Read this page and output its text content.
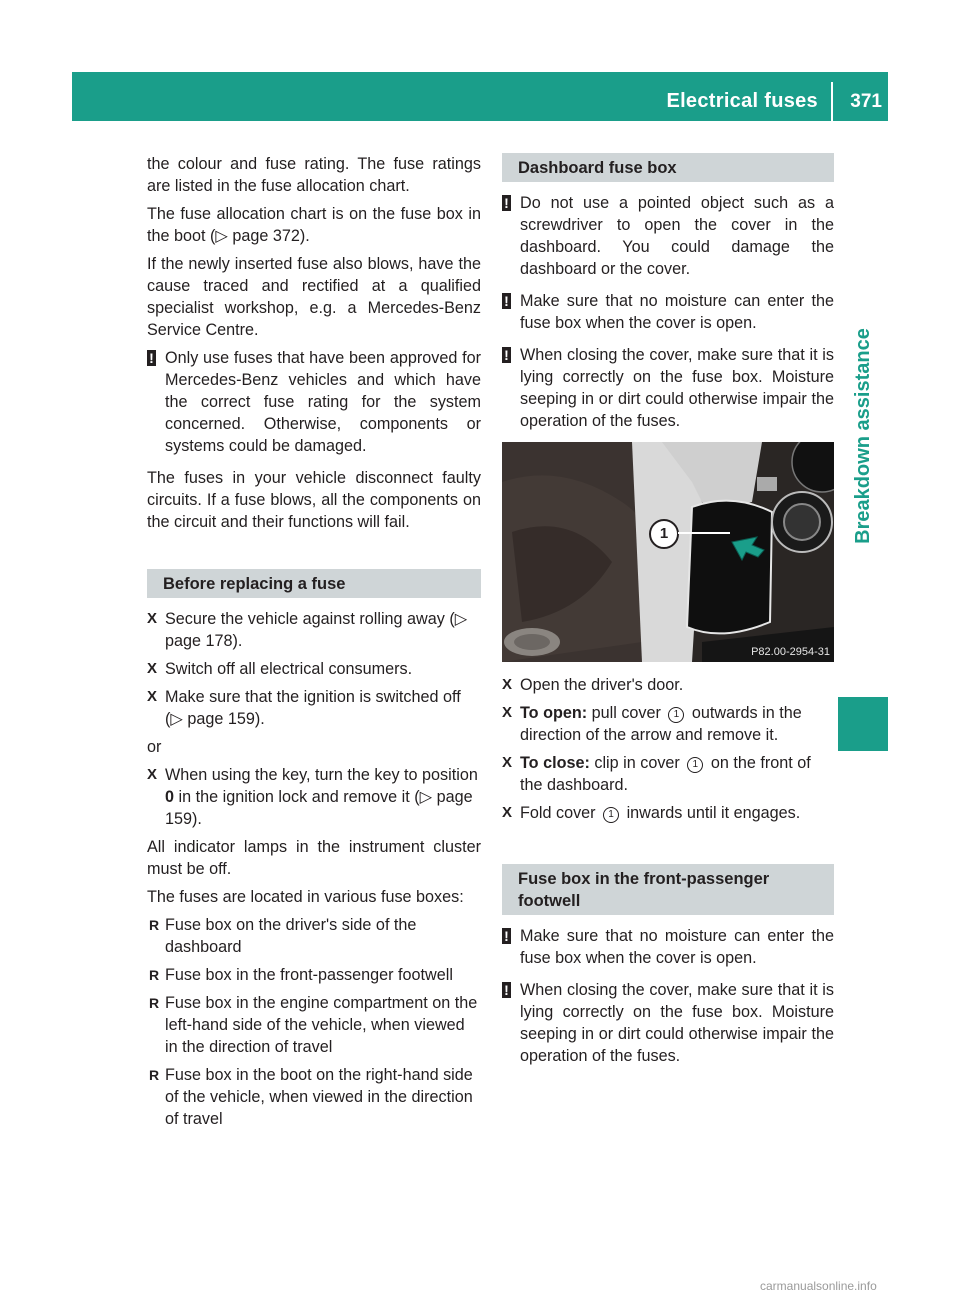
Electrical fuses 371
Breakdown assistance

the colour and fuse rating. The fuse ratings are listed in the fuse allocation chart.

The fuse allocation chart is on the fuse box in the boot (▷ page 372).

If the newly inserted fuse also blows, have the cause traced and rectified at a qualified specialist workshop, e.g. a Mercedes-Benz Service Centre.

! Only use fuses that have been approved for Mercedes-Benz vehicles and which have the correct fuse rating for the system concerned. Otherwise, components or systems could be damaged.

The fuses in your vehicle disconnect faulty circuits. If a fuse blows, all the components on the circuit and their functions will fail.

Before replacing a fuse
X Secure the vehicle against rolling away (▷ page 178).
X Switch off all electrical consumers.
X Make sure that the ignition is switched off (▷ page 159).

or

X When using the key, turn the key to position 0 in the ignition lock and remove it (▷ page 159).

All indicator lamps in the instrument cluster must be off.

The fuses are located in various fuse boxes:

R Fuse box on the driver's side of the dashboard
R Fuse box in the front-passenger footwell
R Fuse box in the engine compartment on the left-hand side of the vehicle, when viewed in the direction of travel
R Fuse box in the boot on the right-hand side of the vehicle, when viewed in the direction of travel
Dashboard fuse box
! Do not use a pointed object such as a screwdriver to open the cover in the dashboard. You could damage the dashboard or the cover.
! Make sure that no moisture can enter the fuse box when the cover is open.
! When closing the cover, make sure that it is lying correctly on the fuse box. Moisture seeping in or dirt could otherwise impair the operation of the fuses.
1
P82.00-2954-31
X Open the driver's door.
X To open: pull cover 1 outwards in the direction of the arrow and remove it.
X To close: clip in cover 1 on the front of the dashboard.
X Fold cover 1 inwards until it engages.
Fuse box in the front-passenger footwell
! Make sure that no moisture can enter the fuse box when the cover is open.
! When closing the cover, make sure that it is lying correctly on the fuse box. Moisture seeping in or dirt could otherwise impair the operation of the fuses.
carmanualsonline.info
